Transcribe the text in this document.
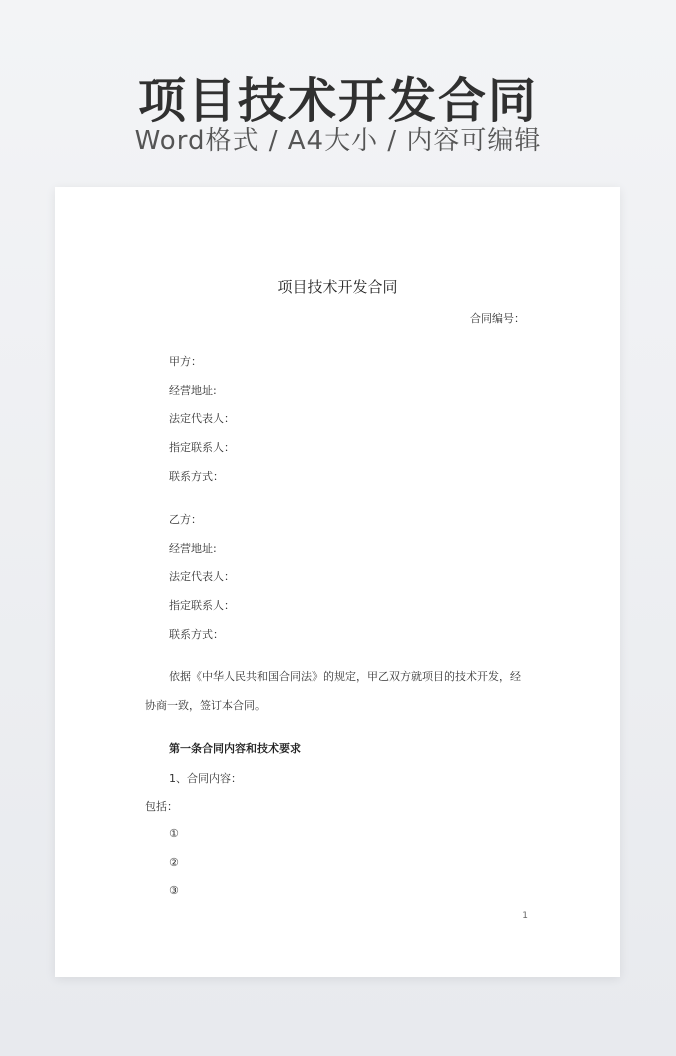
项目技术开发合同
Word格式 / A4大小 / 内容可编辑
项目技术开发合同
合同编号：
甲方：
经营地址:
法定代表人：
指定联系人：
联系方式：
乙方：
经营地址:
法定代表人：
指定联系人：
联系方式：
依据《中华人民共和国合同法》的规定，甲乙双方就项目的技术开发，经协商一致，签订本合同。
第一条合同内容和技术要求
1、合同内容：
包括：
①
②
③
1
